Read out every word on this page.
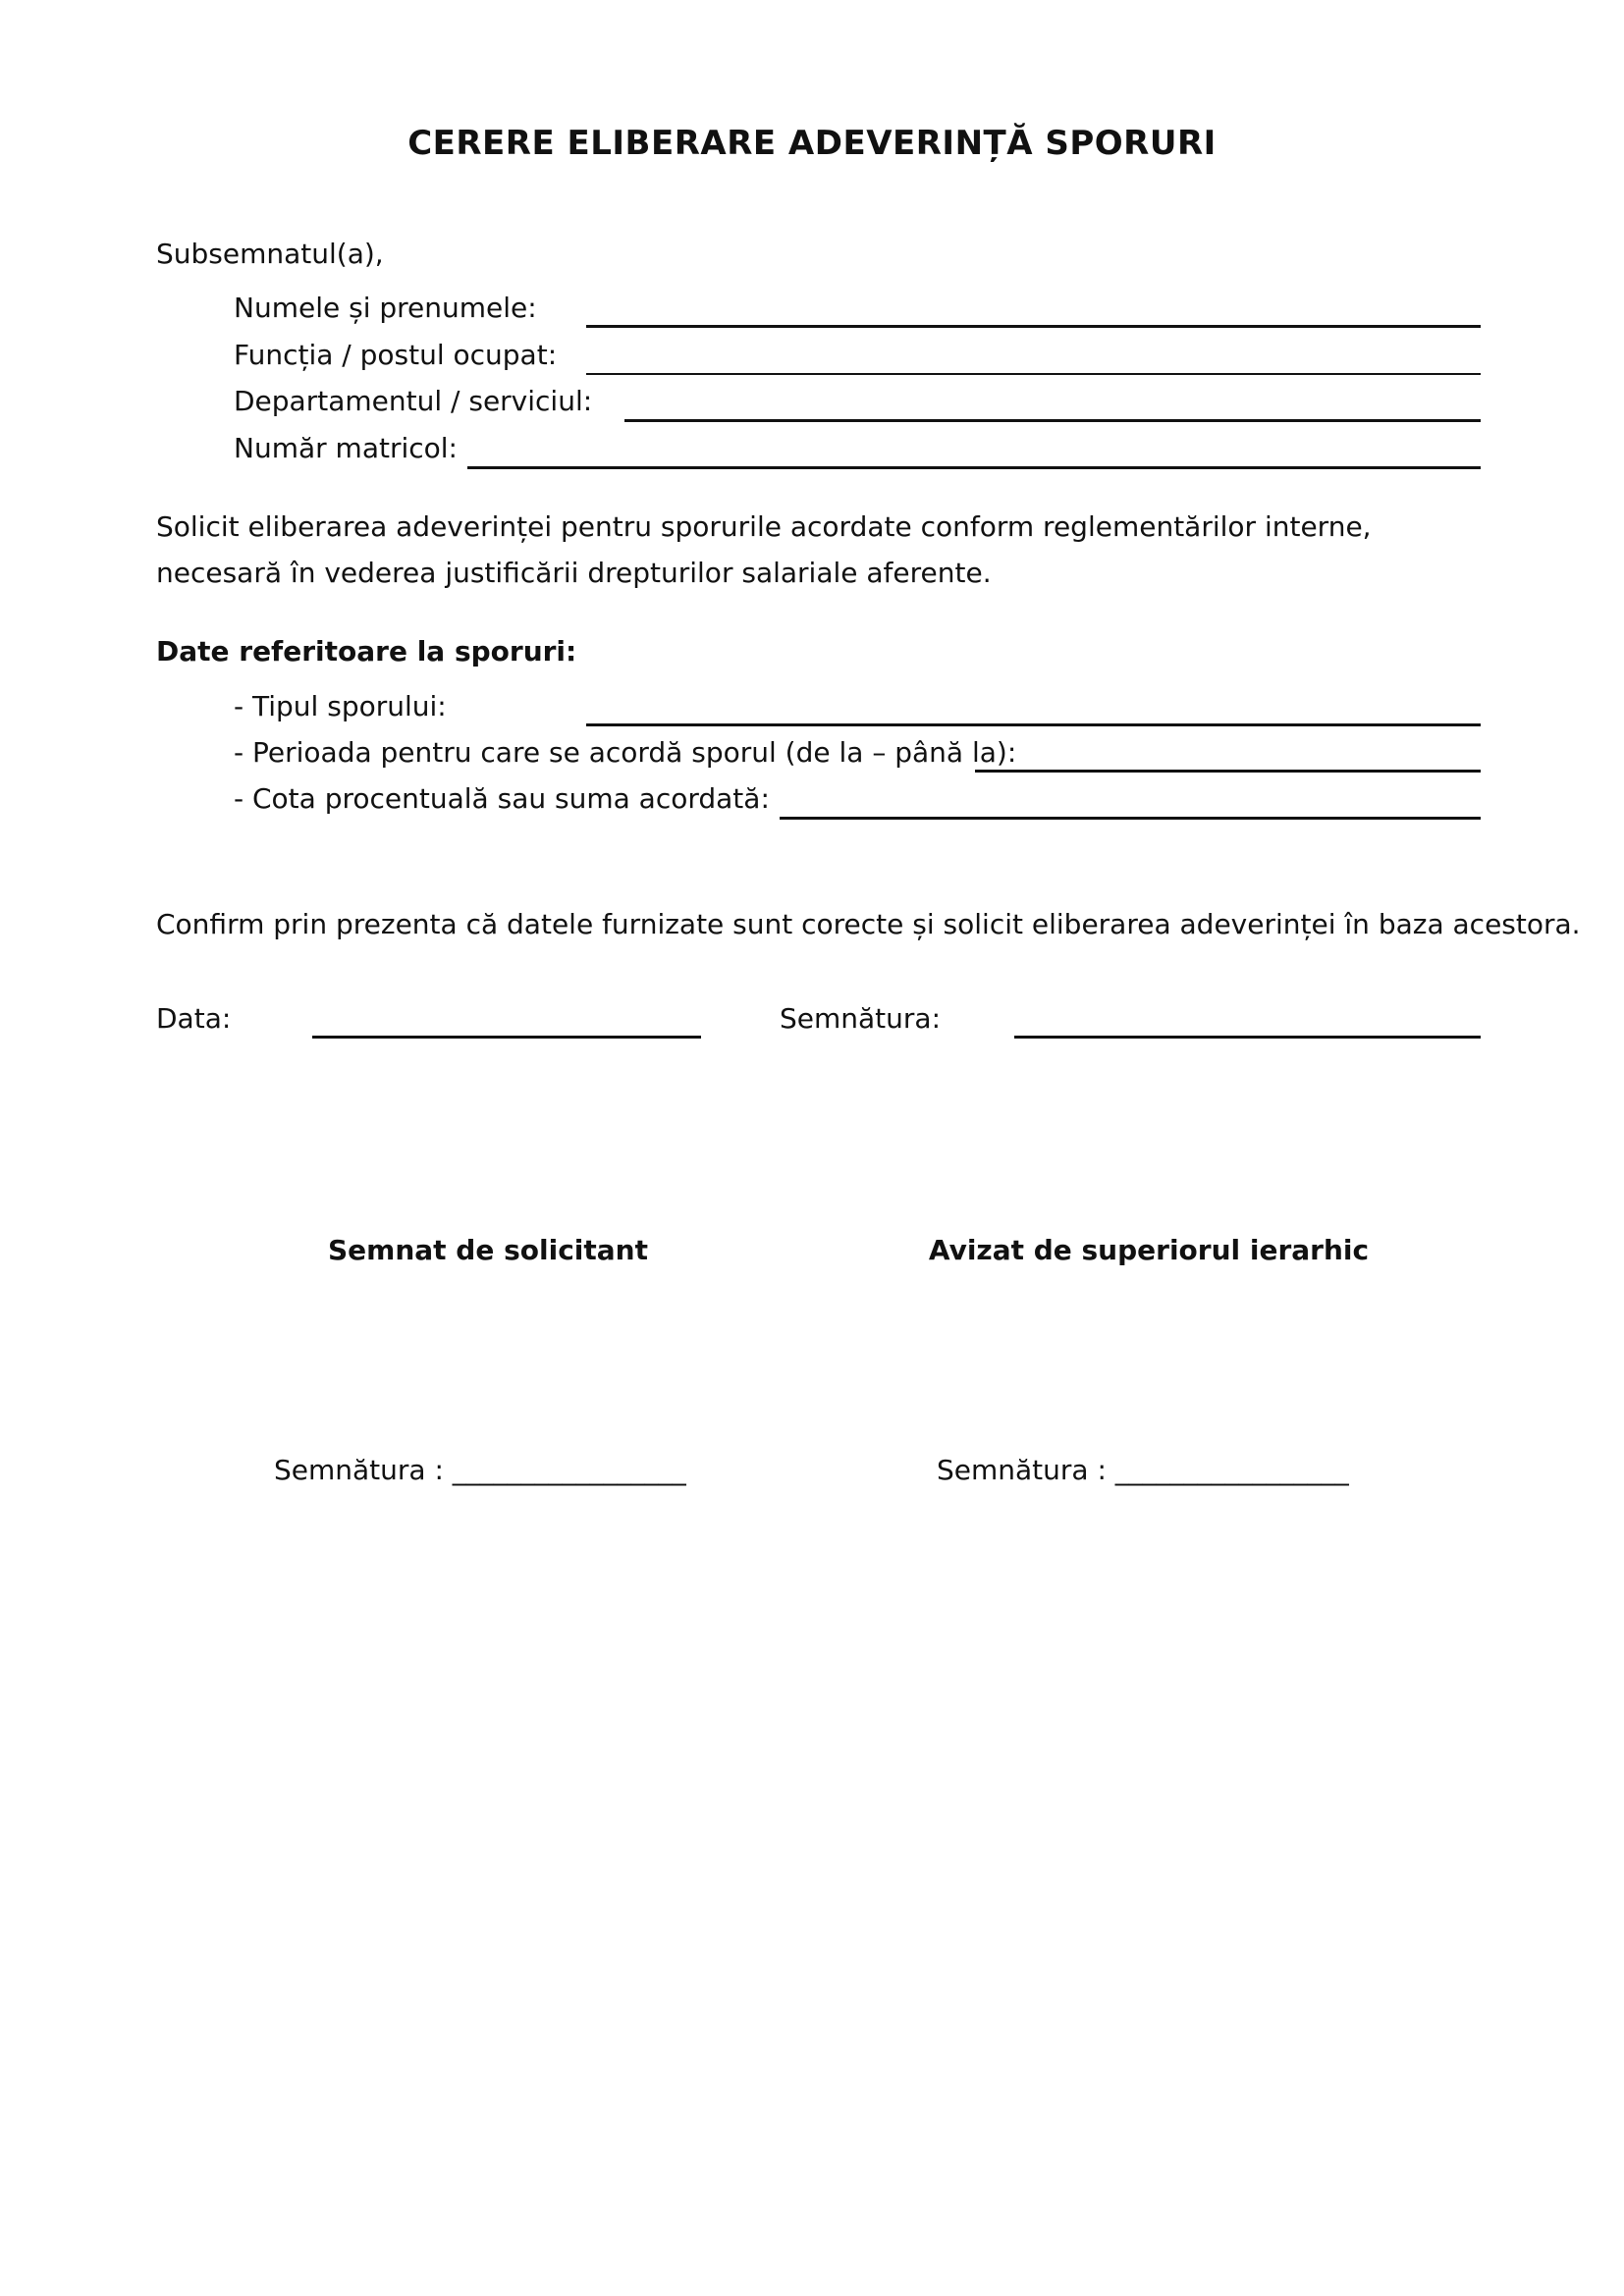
CERERE ELIBERARE ADEVERINȚĂ SPORURI
Subsemnatul(a),
Numele și prenumele:
Funcția / postul ocupat:
Departamentul / serviciul:
Număr matricol:
Solicit eliberarea adeverinței pentru sporurile acordate conform reglementărilor interne,
necesară în vederea justificării drepturilor salariale aferente.
Date referitoare la sporuri:
- Tipul sporului:
- Perioada pentru care se acordă sporul (de la – până la):
- Cota procentuală sau suma acordată:
Confirm prin prezenta că datele furnizate sunt corecte și solicit eliberarea adeverinței în baza acestora.
Data:	Semnătura:
Semnat de solicitant	Avizat de superiorul ierarhic
Semnătura : _________________	Semnătura : _________________
